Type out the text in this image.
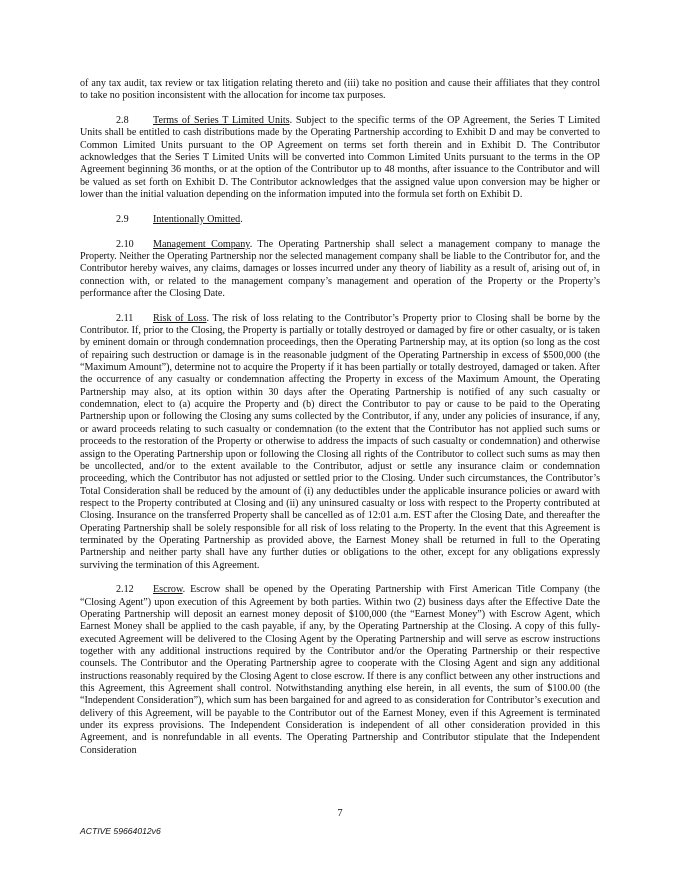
of any tax audit, tax review or tax litigation relating thereto and (iii) take no position and cause their affiliates that they control to take no position inconsistent with the allocation for income tax purposes.

2.8 Terms of Series T Limited Units. Subject to the specific terms of the OP Agreement, the Series T Limited Units shall be entitled to cash distributions made by the Operating Partnership according to Exhibit D and may be converted to Common Limited Units pursuant to the OP Agreement on terms set forth therein and in Exhibit D. The Contributor acknowledges that the Series T Limited Units will be converted into Common Limited Units pursuant to the terms in the OP Agreement beginning 36 months, or at the option of the Contributor up to 48 months, after issuance to the Contributor and will be valued as set forth on Exhibit D. The Contributor acknowledges that the assigned value upon conversion may be higher or lower than the initial valuation depending on the information imputed into the formula set forth on Exhibit D.

2.9 Intentionally Omitted.

2.10 Management Company. The Operating Partnership shall select a management company to manage the Property. Neither the Operating Partnership nor the selected management company shall be liable to the Contributor for, and the Contributor hereby waives, any claims, damages or losses incurred under any theory of liability as a result of, arising out of, in connection with, or related to the management company’s management and operation of the Property or the Property’s performance after the Closing Date.

2.11 Risk of Loss. The risk of loss relating to the Contributor’s Property prior to Closing shall be borne by the Contributor. If, prior to the Closing, the Property is partially or totally destroyed or damaged by fire or other casualty, or is taken by eminent domain or through condemnation proceedings, then the Operating Partnership may, at its option (so long as the cost of repairing such destruction or damage is in the reasonable judgment of the Operating Partnership in excess of $500,000 (the “Maximum Amount”), determine not to acquire the Property if it has been partially or totally destroyed, damaged or taken. After the occurrence of any casualty or condemnation affecting the Property in excess of the Maximum Amount, the Operating Partnership may also, at its option within 30 days after the Operating Partnership is notified of any such casualty or condemnation, elect to (a) acquire the Property and (b) direct the Contributor to pay or cause to be paid to the Operating Partnership upon or following the Closing any sums collected by the Contributor, if any, under any policies of insurance, if any, or award proceeds relating to such casualty or condemnation (to the extent that the Contributor has not applied such sums or proceeds to the restoration of the Property or otherwise to address the impacts of such casualty or condemnation) and otherwise assign to the Operating Partnership upon or following the Closing all rights of the Contributor to collect such sums as may then be uncollected, and/or to the extent available to the Contributor, adjust or settle any insurance claim or condemnation proceeding, which the Contributor has not adjusted or settled prior to the Closing. Under such circumstances, the Contributor’s Total Consideration shall be reduced by the amount of (i) any deductibles under the applicable insurance policies or award with respect to the Property contributed at Closing and (ii) any uninsured casualty or loss with respect to the Property contributed at Closing. Insurance on the transferred Property shall be cancelled as of 12:01 a.m. EST after the Closing Date, and thereafter the Operating Partnership shall be solely responsible for all risk of loss relating to the Property. In the event that this Agreement is terminated by the Operating Partnership as provided above, the Earnest Money shall be returned in full to the Operating Partnership and neither party shall have any further duties or obligations to the other, except for any obligations expressly surviving the termination of this Agreement.

2.12 Escrow. Escrow shall be opened by the Operating Partnership with First American Title Company (the “Closing Agent”) upon execution of this Agreement by both parties. Within two (2) business days after the Effective Date the Operating Partnership will deposit an earnest money deposit of $100,000 (the “Earnest Money”) with Escrow Agent, which Earnest Money shall be applied to the cash payable, if any, by the Operating Partnership at the Closing. A copy of this fully-executed Agreement will be delivered to the Closing Agent by the Operating Partnership and will serve as escrow instructions together with any additional instructions required by the Contributor and/or the Operating Partnership or their respective counsels. The Contributor and the Operating Partnership agree to cooperate with the Closing Agent and sign any additional instructions reasonably required by the Closing Agent to close escrow. If there is any conflict between any other instructions and this Agreement, this Agreement shall control. Notwithstanding anything else herein, in all events, the sum of $100.00 (the “Independent Consideration”), which sum has been bargained for and agreed to as consideration for Contributor’s execution and delivery of this Agreement, will be payable to the Contributor out of the Earnest Money, even if this Agreement is terminated under its express provisions. The Independent Consideration is independent of all other consideration provided in this Agreement, and is nonrefundable in all events. The Operating Partnership and Contributor stipulate that the Independent Consideration

7
ACTIVE 59664012v6
